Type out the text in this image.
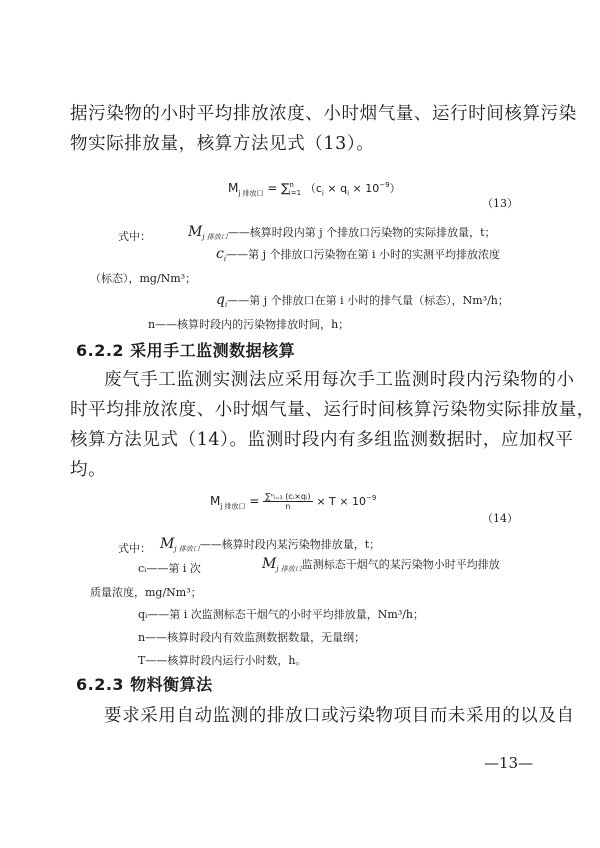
据污染物的小时平均排放浓度、小时烟气量、运行时间核算污染
物实际排放量，核算方法见式（13）。
$M_{j 排放口} = \sum^n_{i=1}$ $(c_i \times q_i \times 10^{-9})$
（13）
式中：	$M_{j 排放口}——$核算时段内第 j 个排放口污染物的实际排放量，t；
$c_i——$第 j 个排放口污染物在第 i 小时的实测平均排放浓度
（标态），mg/Nm³；
$q_i——$第 j 个排放口在第 i 小时的排气量（标态），Nm³/h；
n——核算时段内的污染物排放时间，h；
6.2.2 采用手工监测数据核算
废气手工监测实测法应采用每次手工监测时段内污染物的小
时平均排放浓度、小时烟气量、运行时间核算污染物实际排放量，
核算方法见式（14）。监测时段内有多组监测数据时，应加权平
均。
$M_{j 排放口} = \frac{\text{∑ⁿᵢ₌₁ (cᵢ×qᵢ)}}{n} \times T \times 10^{-9}$
（14）
式中： $M_{j 排放口}——$核算时段内某污染物排放量，t；
cᵢ——第 i 次	$M_{j 排放口}$监测标态干烟气的某污染物小时平均排放
质量浓度，mg/Nm³；
qᵢ——第 i 次监测标态干烟气的小时平均排放量，Nm³/h；
n——核算时段内有效监测数据数量，无量纲；
T——核算时段内运行小时数，h。
6.2.3 物料衡算法
要求采用自动监测的排放口或污染物项目而未采用的以及自
—13—
